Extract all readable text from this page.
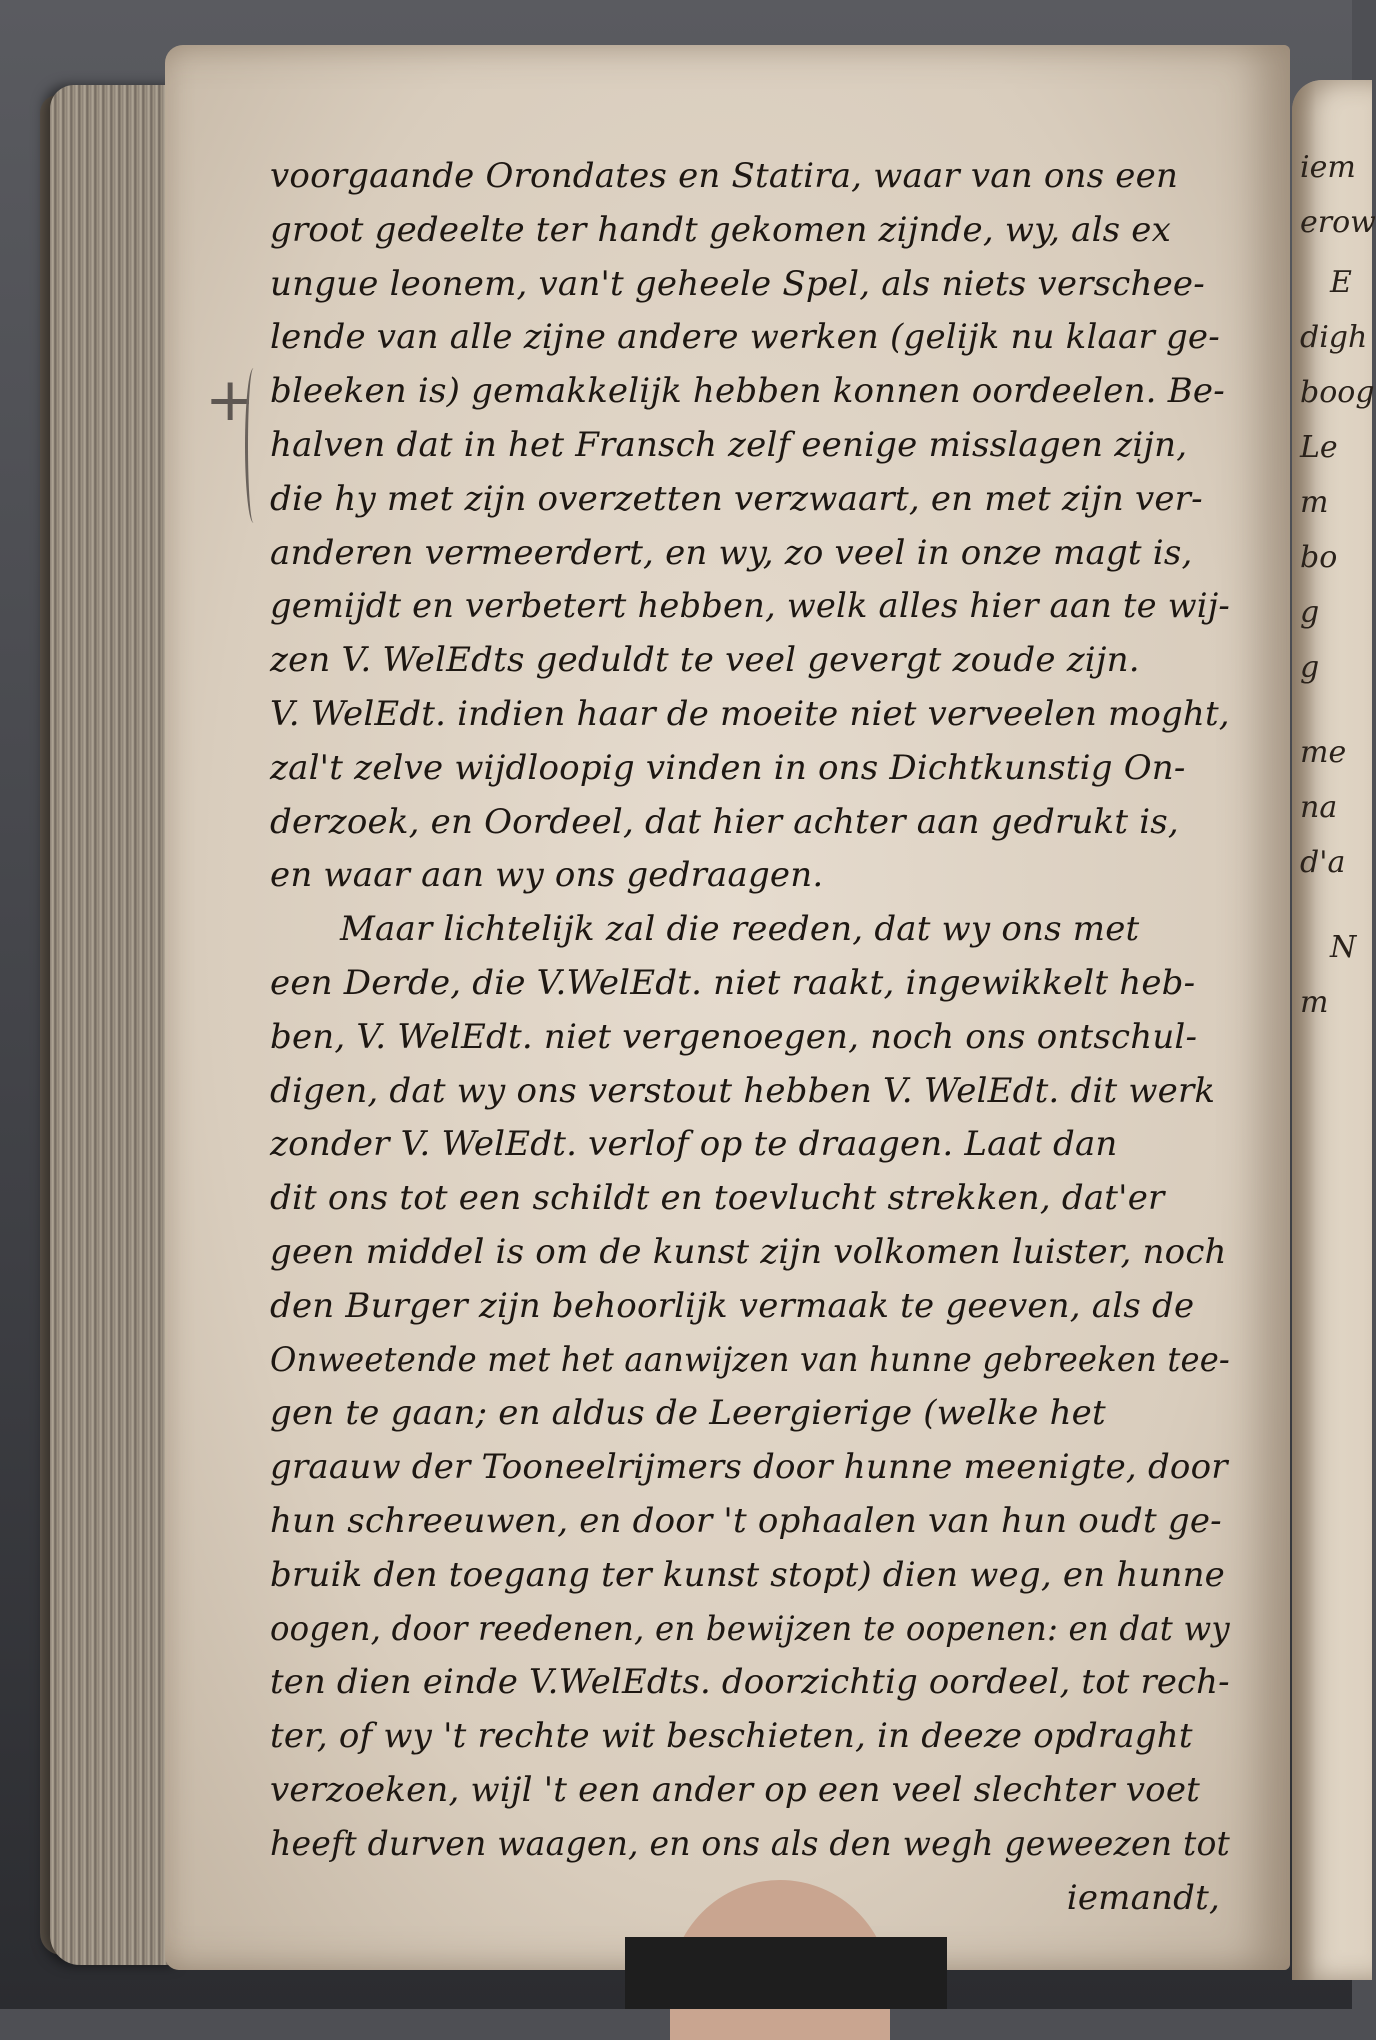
iem
erow
E
digh
boog
Le
m
bo
g
g
me
na
d'a
N
m
+
voorgaande Orondates en Statira, waar van ons een
groot gedeelte ter handt gekomen zijnde, wy, als ex
ungue leonem, van't geheele Spel, als niets verschee-
lende van alle zijne andere werken (gelijk nu klaar ge-
bleeken is) gemakkelijk hebben konnen oordeelen. Be-
halven dat in het Fransch zelf eenige misslagen zijn,
die hy met zijn overzetten verzwaart, en met zijn ver-
anderen vermeerdert, en wy, zo veel in onze magt is,
gemijdt en verbetert hebben, welk alles hier aan te wij-
zen V. WelEdts geduldt te veel gevergt zoude zijn.
V. WelEdt. indien haar de moeite niet verveelen moght,
zal't zelve wijdloopig vinden in ons Dichtkunstig On-
derzoek, en Oordeel, dat hier achter aan gedrukt is,
en waar aan wy ons gedraagen.
Maar lichtelijk zal die reeden, dat wy ons met
een Derde, die V.WelEdt. niet raakt, ingewikkelt heb-
ben, V. WelEdt. niet vergenoegen, noch ons ontschul-
digen, dat wy ons verstout hebben V. WelEdt. dit werk
zonder V. WelEdt. verlof op te draagen. Laat dan
dit ons tot een schildt en toevlucht strekken, dat'er
geen middel is om de kunst zijn volkomen luister, noch
den Burger zijn behoorlijk vermaak te geeven, als de
Onweetende met het aanwijzen van hunne gebreeken tee-
gen te gaan; en aldus de Leergierige (welke het
graauw der Tooneelrijmers door hunne meenigte, door
hun schreeuwen, en door 't ophaalen van hun oudt ge-
bruik den toegang ter kunst stopt) dien weg, en hunne
oogen, door reedenen, en bewijzen te oopenen: en dat wy
ten dien einde V.WelEdts. doorzichtig oordeel, tot rech-
ter, of wy 't rechte wit beschieten, in deeze opdraght
verzoeken, wijl 't een ander op een veel slechter voet
heeft durven waagen, en ons als den wegh geweezen tot
iemandt,
